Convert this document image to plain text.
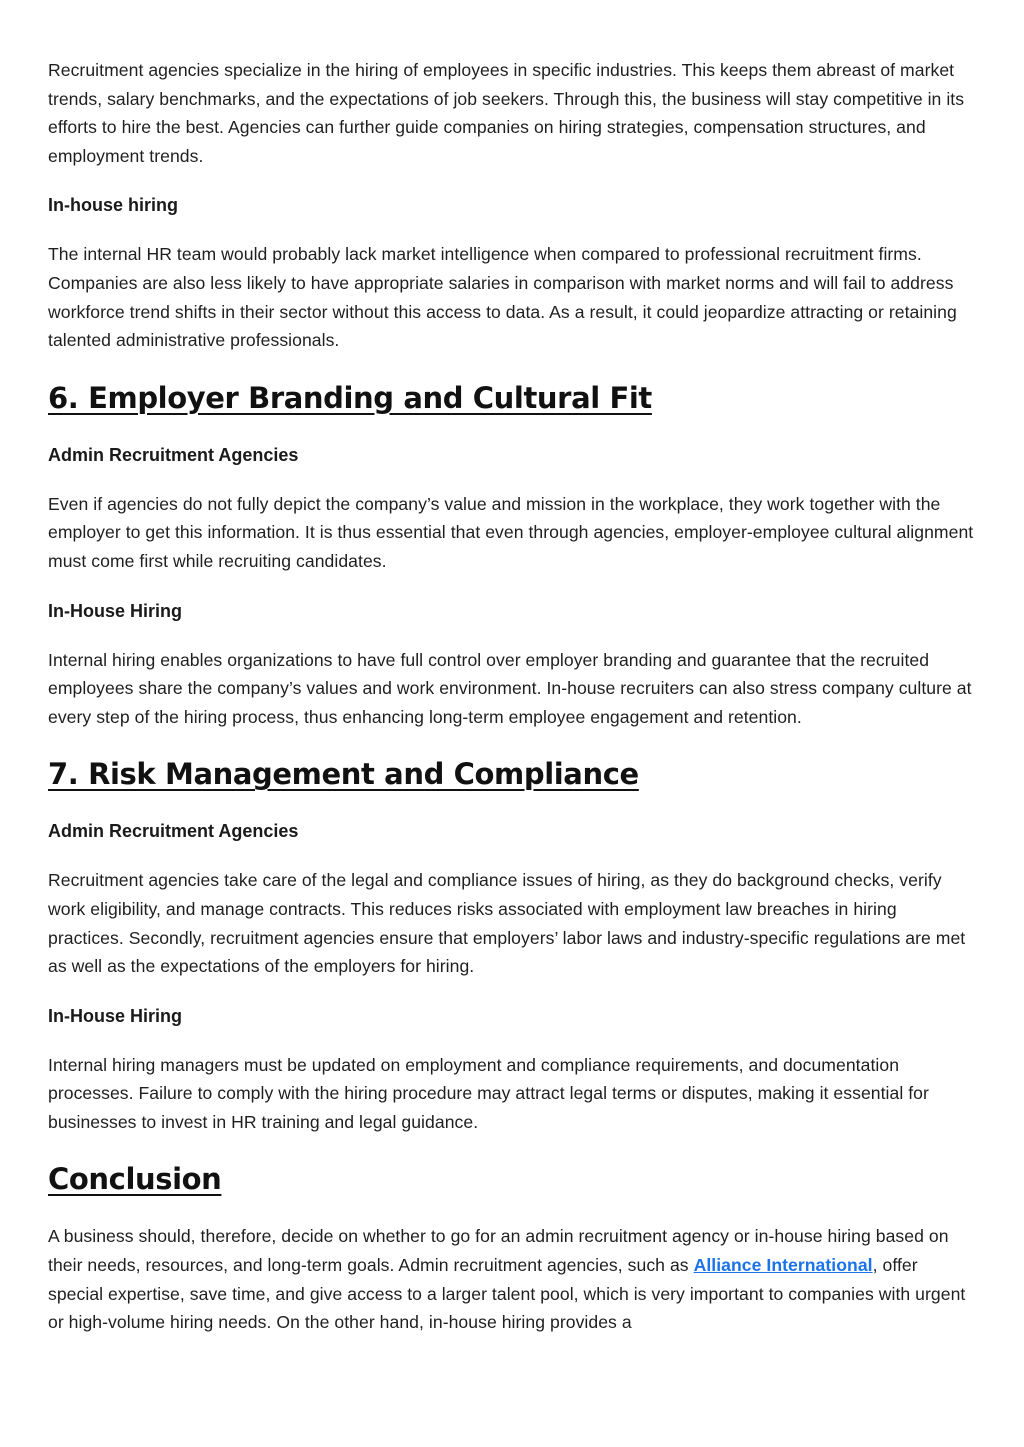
Recruitment agencies specialize in the hiring of employees in specific industries. This keeps them abreast of market trends, salary benchmarks, and the expectations of job seekers. Through this, the business will stay competitive in its efforts to hire the best. Agencies can further guide companies on hiring strategies, compensation structures, and employment trends.

In-house hiring

The internal HR team would probably lack market intelligence when compared to professional recruitment firms. Companies are also less likely to have appropriate salaries in comparison with market norms and will fail to address workforce trend shifts in their sector without this access to data. As a result, it could jeopardize attracting or retaining talented administrative professionals.

6. Employer Branding and Cultural Fit
Admin Recruitment Agencies

Even if agencies do not fully depict the company’s value and mission in the workplace, they work together with the employer to get this information. It is thus essential that even through agencies, employer-employee cultural alignment must come first while recruiting candidates.

In-House Hiring

Internal hiring enables organizations to have full control over employer branding and guarantee that the recruited employees share the company’s values and work environment. In-house recruiters can also stress company culture at every step of the hiring process, thus enhancing long-term employee engagement and retention.

7. Risk Management and Compliance
Admin Recruitment Agencies

Recruitment agencies take care of the legal and compliance issues of hiring, as they do background checks, verify work eligibility, and manage contracts. This reduces risks associated with employment law breaches in hiring practices. Secondly, recruitment agencies ensure that employers’ labor laws and industry-specific regulations are met as well as the expectations of the employers for hiring.

In-House Hiring

Internal hiring managers must be updated on employment and compliance requirements, and documentation processes. Failure to comply with the hiring procedure may attract legal terms or disputes, making it essential for businesses to invest in HR training and legal guidance.

Conclusion

A business should, therefore, decide on whether to go for an admin recruitment agency or in-house hiring based on their needs, resources, and long-term goals. Admin recruitment agencies, such as Alliance International, offer special expertise, save time, and give access to a larger talent pool, which is very important to companies with urgent or high-volume hiring needs. On the other hand, in-house hiring provides a
